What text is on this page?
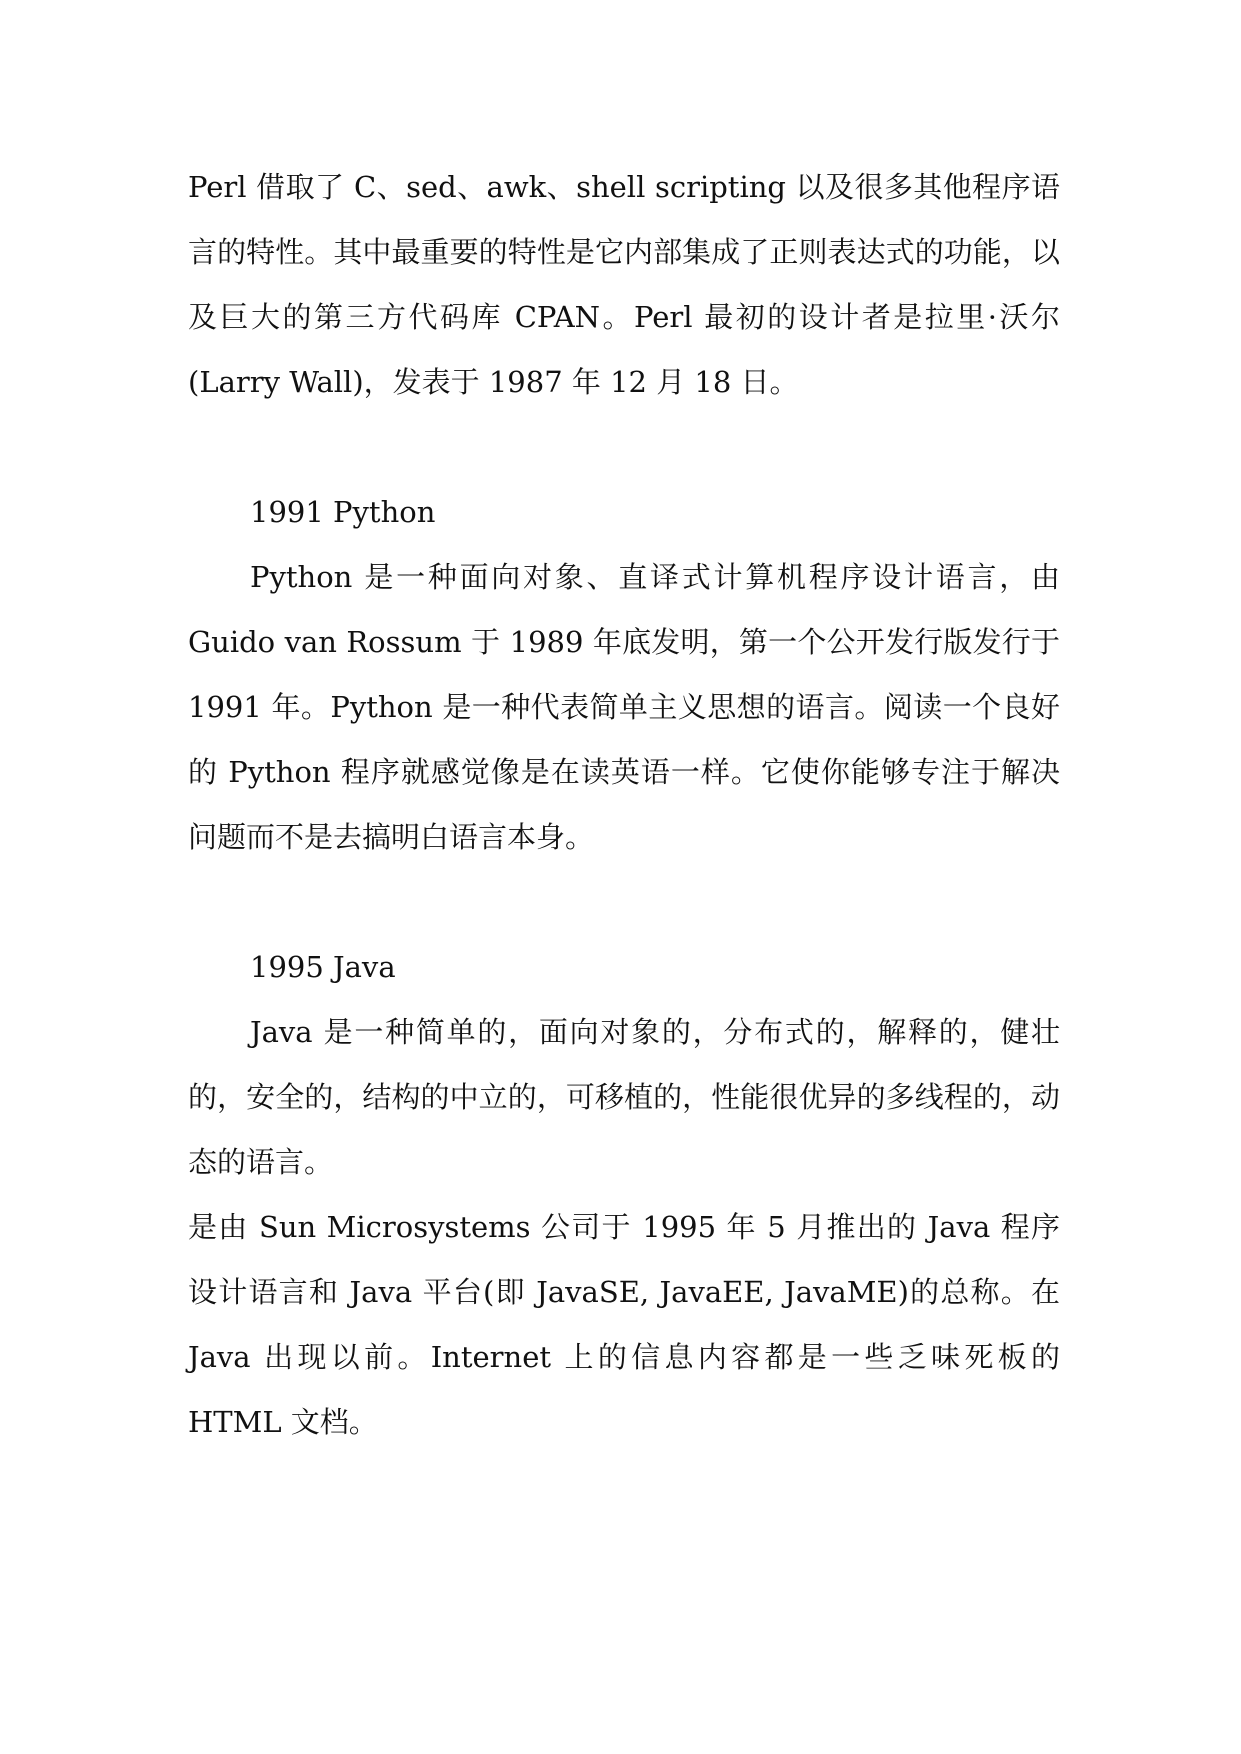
Perl 借取了 C、sed、awk、shell scripting 以及很多其他程序语言的特性。其中最重要的特性是它内部集成了正则表达式的功能，以及巨大的第三方代码库 CPAN。Perl 最初的设计者是拉里·沃尔(Larry Wall)，发表于 1987 年 12 月 18 日。

1991 Python

Python 是一种面向对象、直译式计算机程序设计语言，由 Guido van Rossum 于 1989 年底发明，第一个公开发行版发行于 1991 年。Python 是一种代表简单主义思想的语言。阅读一个良好的 Python 程序就感觉像是在读英语一样。它使你能够专注于解决问题而不是去搞明白语言本身。

1995 Java

Java 是一种简单的，面向对象的，分布式的，解释的，健壮的，安全的，结构的中立的，可移植的，性能很优异的多线程的，动态的语言。

是由 Sun Microsystems 公司于 1995 年 5 月推出的 Java 程序设计语言和 Java 平台(即 JavaSE, JavaEE, JavaME)的总称。在 Java 出现以前。Internet 上的信息内容都是一些乏味死板的 HTML 文档。
